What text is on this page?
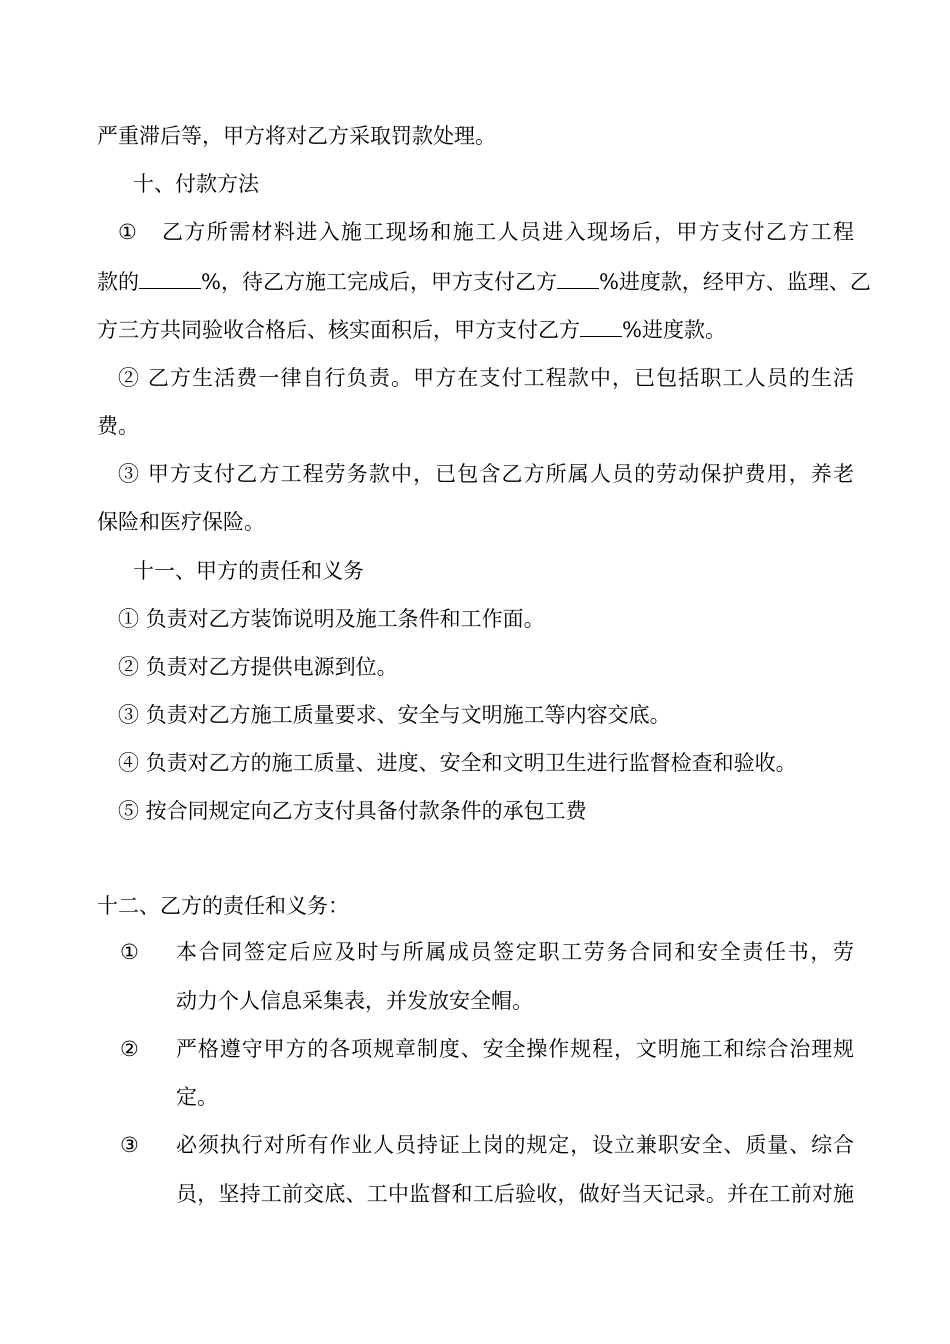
严重滞后等，甲方将对乙方采取罚款处理。
十、付款方法
① 乙方所需材料进入施工现场和施工人员进入现场后，甲方支付乙方工程
款的	%，待乙方施工完成后，甲方支付乙方 %进度款，经甲方、监理、乙
方三方共同验收合格后、核实面积后，甲方支付乙方 %进度款。
② 乙方生活费一律自行负责。甲方在支付工程款中，已包括职工人员的生活
费。
③ 甲方支付乙方工程劳务款中，已包含乙方所属人员的劳动保护费用，养老
保险和医疗保险。
十一、甲方的责任和义务
① 负责对乙方装饰说明及施工条件和工作面。
② 负责对乙方提供电源到位。
③ 负责对乙方施工质量要求、安全与文明施工等内容交底。
④ 负责对乙方的施工质量、进度、安全和文明卫生进行监督检查和验收。
⑤ 按合同规定向乙方支付具备付款条件的承包工费
十二、乙方的责任和义务：
① 本合同签定后应及时与所属成员签定职工劳务合同和安全责任书，劳
动力个人信息采集表，并发放安全帽。
② 严格遵守甲方的各项规章制度、安全操作规程，文明施工和综合治理规
定。
③ 必须执行对所有作业人员持证上岗的规定，设立兼职安全、质量、综合
员，坚持工前交底、工中监督和工后验收，做好当天记录。并在工前对施
